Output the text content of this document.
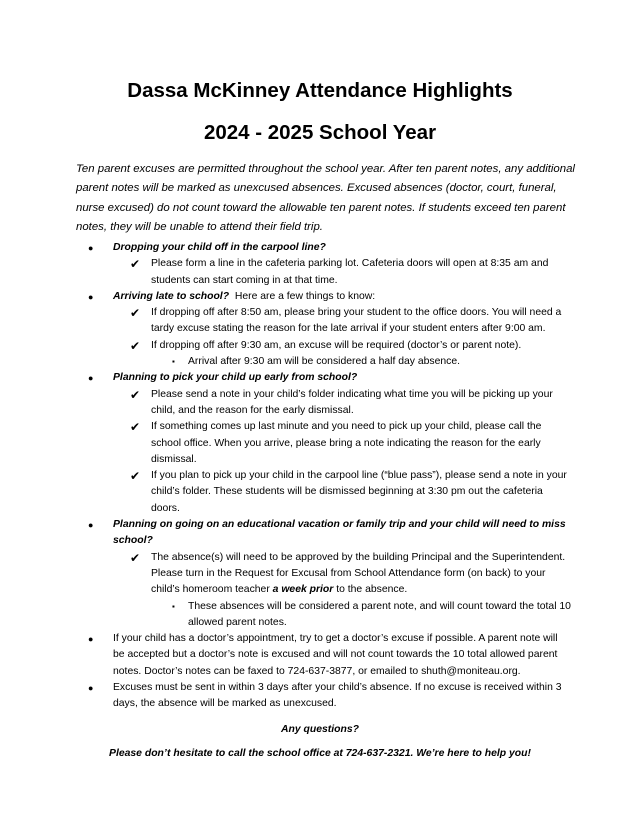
Dassa McKinney Attendance Highlights
2024 - 2025 School Year

Ten parent excuses are permitted throughout the school year. After ten parent notes, any additional parent notes will be marked as unexcused absences. Excused absences (doctor, court, funeral, nurse excused) do not count toward the allowable ten parent notes. If students exceed ten parent notes, they will be unable to attend their field trip.

● Dropping your child off in the carpool line?
✔ Please form a line in the cafeteria parking lot. Cafeteria doors will open at 8:35 am and students can start coming in at that time.
● Arriving late to school?  Here are a few things to know:
✔ If dropping off after 8:50 am, please bring your student to the office doors. You will need a tardy excuse stating the reason for the late arrival if your student enters after 9:00 am.
✔ If dropping off after 9:30 am, an excuse will be required (doctor’s or parent note).
▪ Arrival after 9:30 am will be considered a half day absence.
● Planning to pick your child up early from school?
✔ Please send a note in your child’s folder indicating what time you will be picking up your child, and the reason for the early dismissal.
✔ If something comes up last minute and you need to pick up your child, please call the school office. When you arrive, please bring a note indicating the reason for the early dismissal.
✔ If you plan to pick up your child in the carpool line (“blue pass”), please send a note in your child’s folder. These students will be dismissed beginning at 3:30 pm out the cafeteria doors.
● Planning on going on an educational vacation or family trip and your child will need to miss school?
✔ The absence(s) will need to be approved by the building Principal and the Superintendent. Please turn in the Request for Excusal from School Attendance form (on back) to your child’s homeroom teacher a week prior to the absence.
▪ These absences will be considered a parent note, and will count toward the total 10 allowed parent notes.
● If your child has a doctor’s appointment, try to get a doctor’s excuse if possible. A parent note will be accepted but a doctor’s note is excused and will not count towards the 10 total allowed parent notes. Doctor’s notes can be faxed to 724-637-3877, or emailed to shuth@moniteau.org.
● Excuses must be sent in within 3 days after your child’s absence. If no excuse is received within 3 days, the absence will be marked as unexcused.
Any questions?
Please don’t hesitate to call the school office at 724-637-2321. We’re here to help you!
